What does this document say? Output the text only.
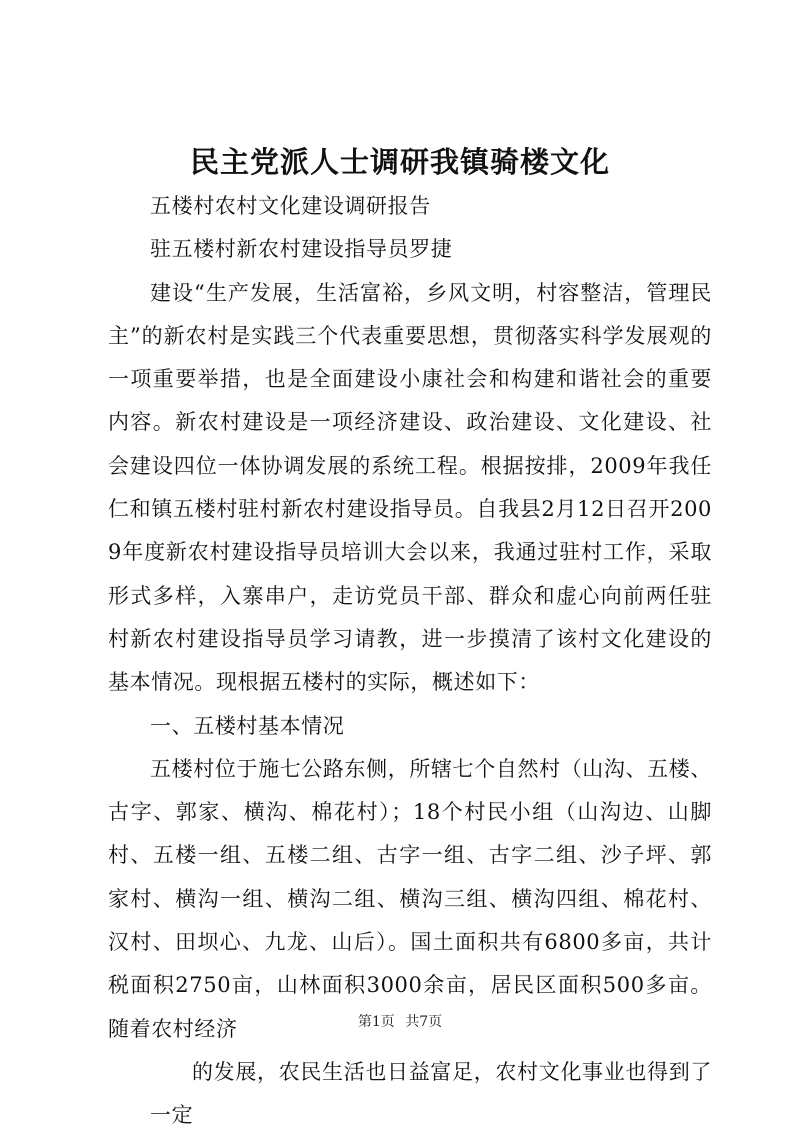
民主党派人士调研我镇骑楼文化

五楼村农村文化建设调研报告

驻五楼村新农村建设指导员罗捷

建设“生产发展，生活富裕，乡风文明，村容整洁，管理民主”的新农村是实践三个代表重要思想，贯彻落实科学发展观的一项重要举措，也是全面建设小康社会和构建和谐社会的重要内容。新农村建设是一项经济建设、政治建设、文化建设、社会建设四位一体协调发展的系统工程。根据按排，2009年我任仁和镇五楼村驻村新农村建设指导员。自我县2月12日召开2009年度新农村建设指导员培训大会以来，我通过驻村工作，采取形式多样，入寨串户，走访党员干部、群众和虚心向前两任驻村新农村建设指导员学习请教，进一步摸清了该村文化建设的基本情况。现根据五楼村的实际，概述如下：

一、五楼村基本情况

五楼村位于施七公路东侧，所辖七个自然村（山沟、五楼、古字、郭家、横沟、棉花村）；18个村民小组（山沟边、山脚村、五楼一组、五楼二组、古字一组、古字二组、沙子坪、郭家村、横沟一组、横沟二组、横沟三组、横沟四组、棉花村、汉村、田坝心、九龙、山后）。国土面积共有6800多亩，共计税面积2750亩，山林面积3000余亩，居民区面积500多亩。随着农村经济

的发展，农民生活也日益富足，农村文化事业也得到了一定

第1页 共7页
